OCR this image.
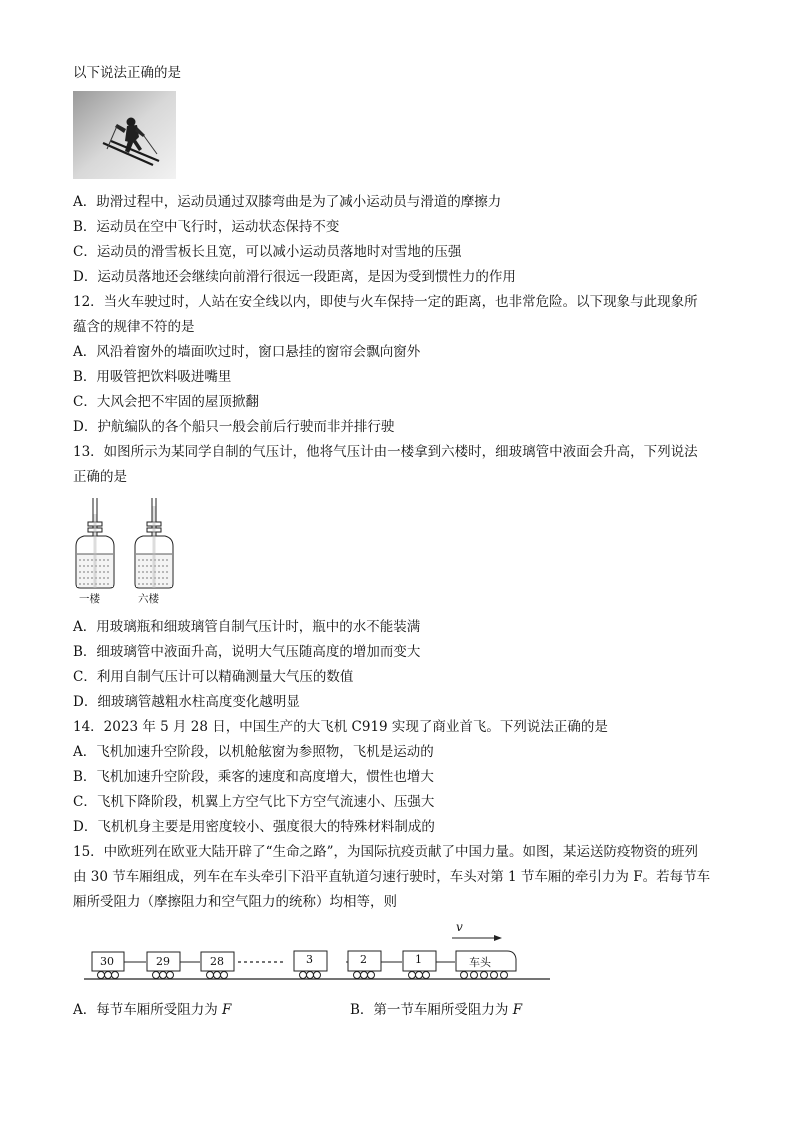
以下说法正确的是
A．助滑过程中，运动员通过双膝弯曲是为了减小运动员与滑道的摩擦力
B．运动员在空中飞行时，运动状态保持不变
C．运动员的滑雪板长且宽，可以减小运动员落地时对雪地的压强
D．运动员落地还会继续向前滑行很远一段距离，是因为受到惯性力的作用
12．当火车驶过时，人站在安全线以内，即使与火车保持一定的距离，也非常危险。以下现象与此现象所
蕴含的规律不符的是
A．风沿着窗外的墙面吹过时，窗口悬挂的窗帘会飘向窗外
B．用吸管把饮料吸进嘴里
C．大风会把不牢固的屋顶掀翻
D．护航编队的各个船只一般会前后行驶而非并排行驶
13．如图所示为某同学自制的气压计，他将气压计由一楼拿到六楼时，细玻璃管中液面会升高，下列说法
正确的是
一楼	六楼
A．用玻璃瓶和细玻璃管自制气压计时，瓶中的水不能装满
B．细玻璃管中液面升高，说明大气压随高度的增加而变大
C．利用自制气压计可以精确测量大气压的数值
D．细玻璃管越粗水柱高度变化越明显
14．2023 年 5 月 28 日，中国生产的大飞机 C919 实现了商业首飞。下列说法正确的是
A．飞机加速升空阶段，以机舱舷窗为参照物，飞机是运动的
B．飞机加速升空阶段，乘客的速度和高度增大，惯性也增大
C．飞机下降阶段，机翼上方空气比下方空气流速小、压强大
D．飞机机身主要是用密度较小、强度很大的特殊材料制成的
15．中欧班列在欧亚大陆开辟了“生命之路”，为国际抗疫贡献了中国力量。如图，某运送防疫物资的班列
由 30 节车厢组成，列车在车头牵引下沿平直轨道匀速行驶时，车头对第 1 节车厢的牵引力为 F。若每节车
厢所受阻力（摩擦阻力和空气阻力的统称）均相等，则
v
30	29	28	3	2	1	车头
A．每节车厢所受阻力为 F	B．第一节车厢所受阻力为 F
